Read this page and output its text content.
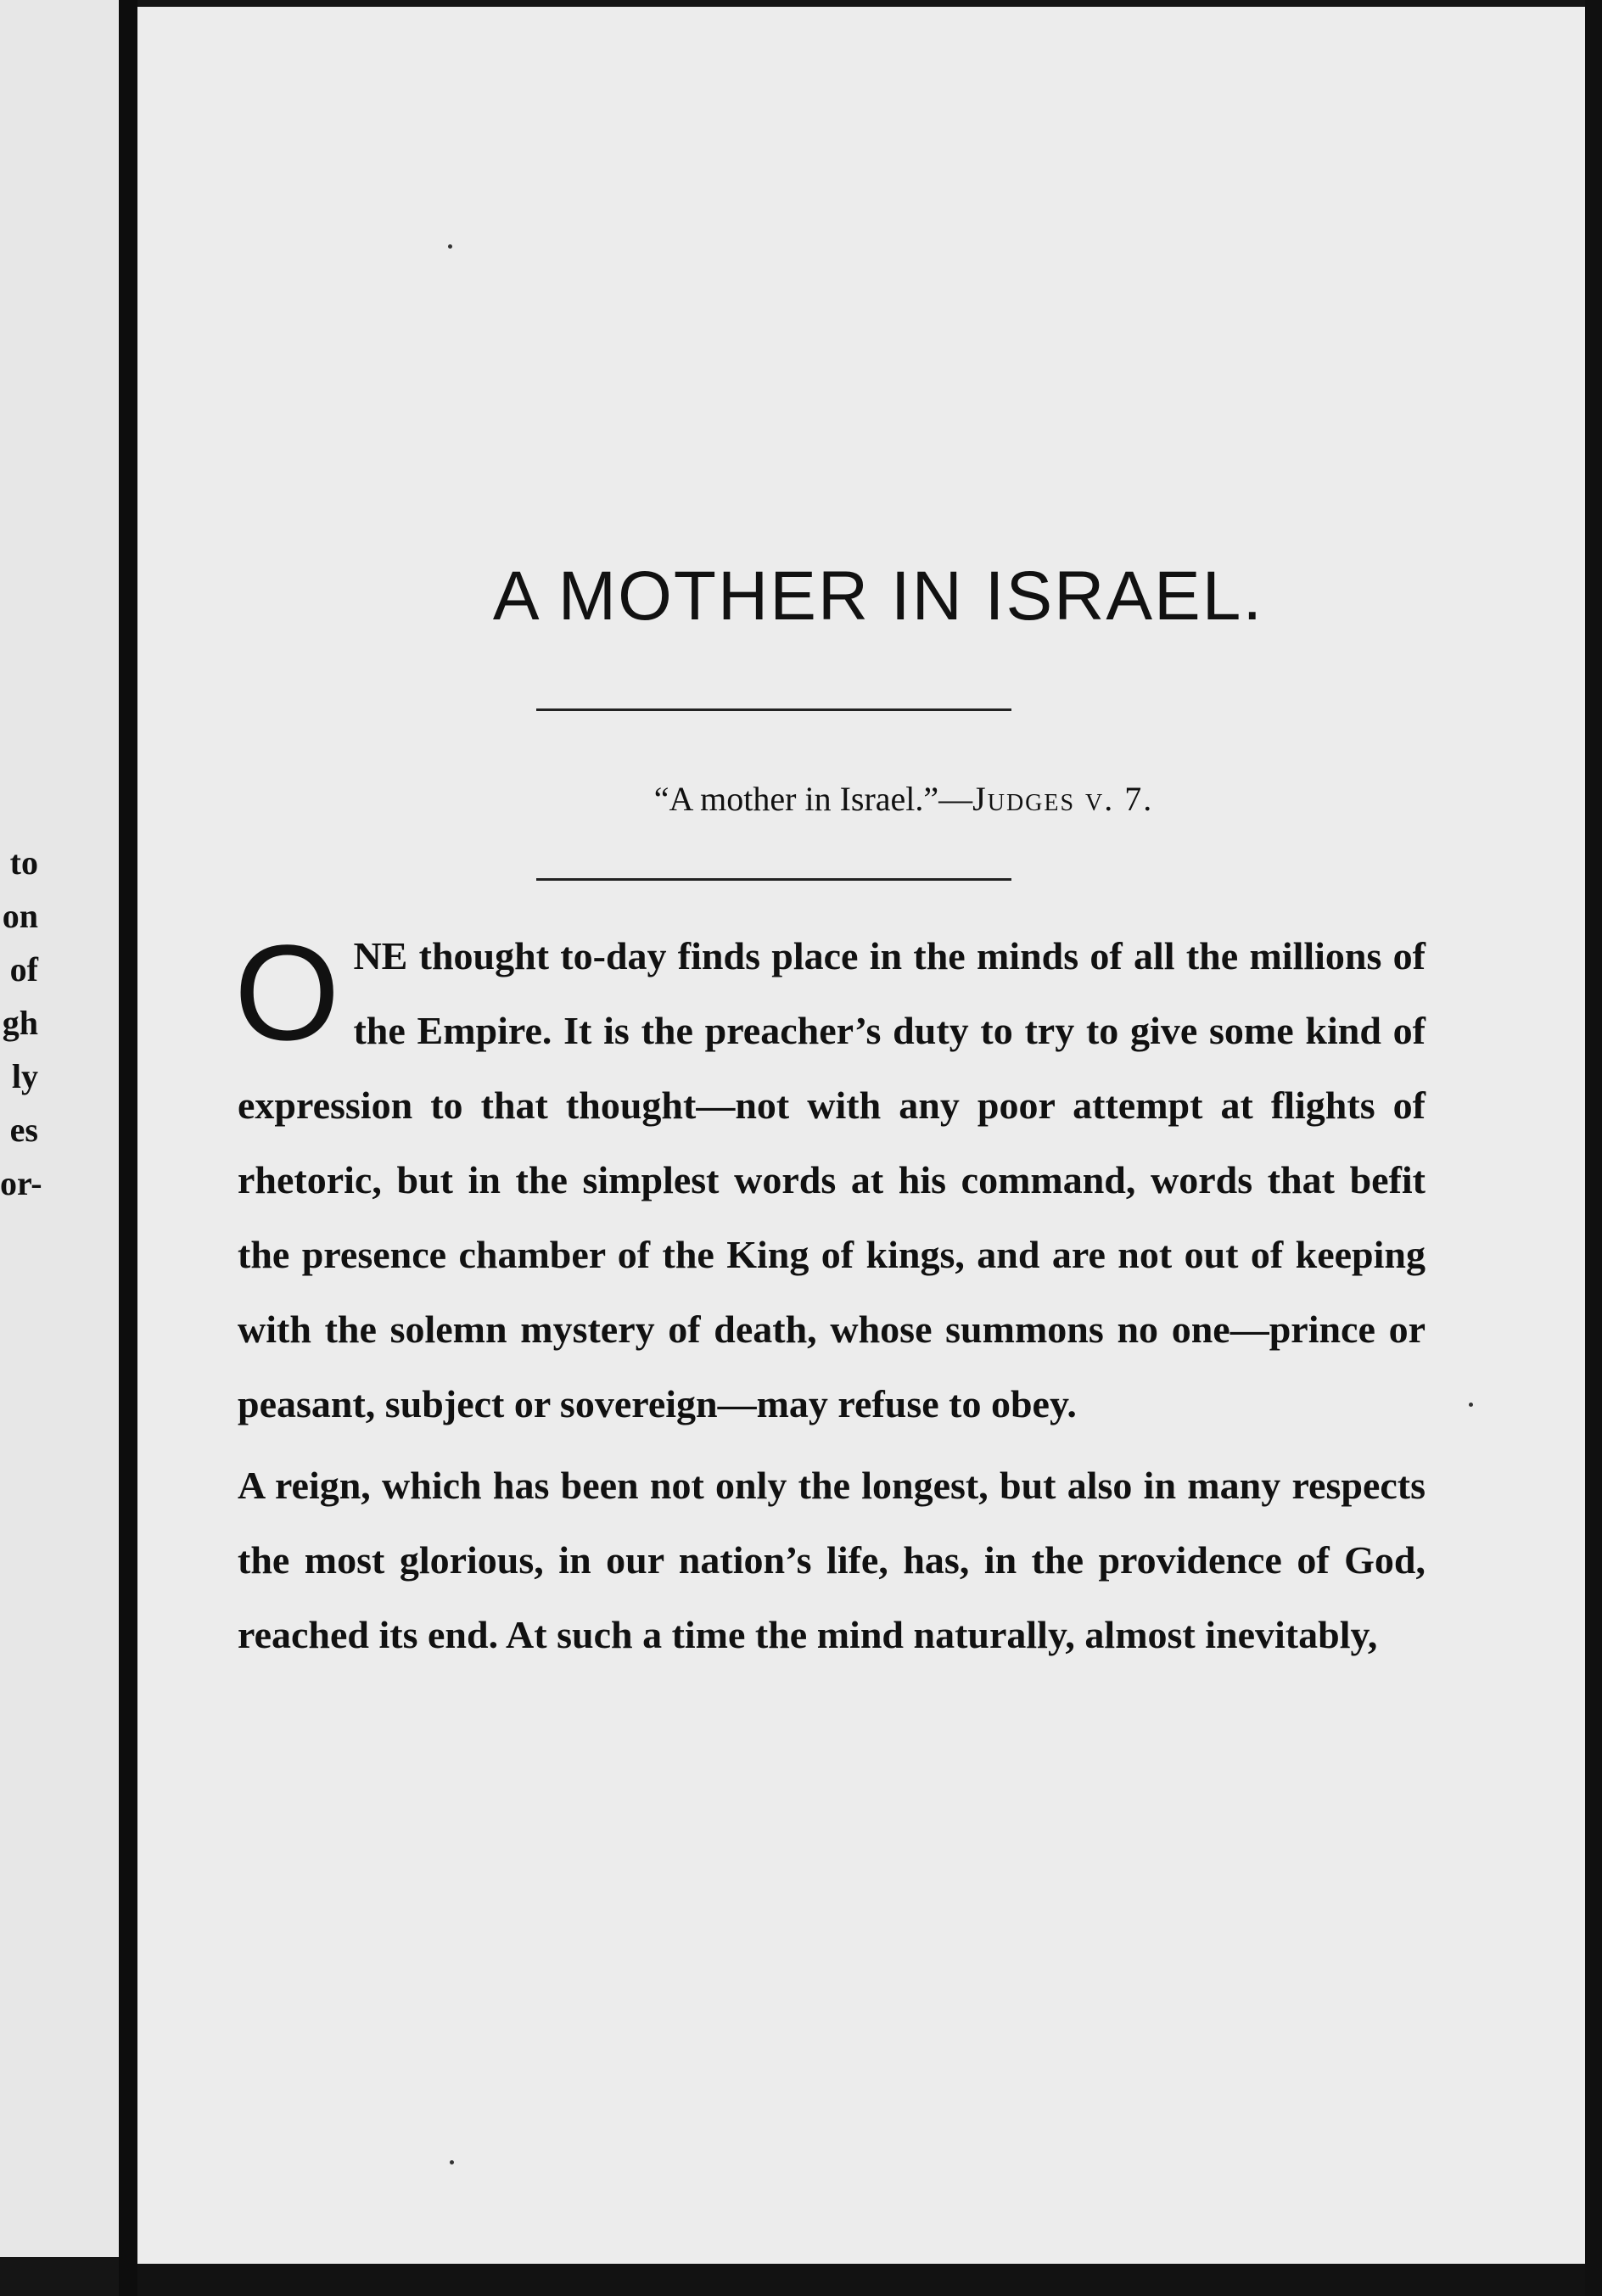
to
on
of
gh
ly
es
or-
A MOTHER IN ISRAEL.
“A mother in Israel.”—Judges v. 7.

ONE thought to-day finds place in the minds of all the millions of the Empire. It is the preacher’s duty to try to give some kind of expression to that thought—not with any poor attempt at flights of rhetoric, but in the simplest words at his command, words that befit the presence chamber of the King of kings, and are not out of keeping with the solemn mystery of death, whose summons no one—prince or peasant, subject or sovereign—may refuse to obey.

A reign, which has been not only the longest, but also in many respects the most glorious, in our nation’s life, has, in the providence of God, reached its end. At such a time the mind naturally, almost inevitably,
